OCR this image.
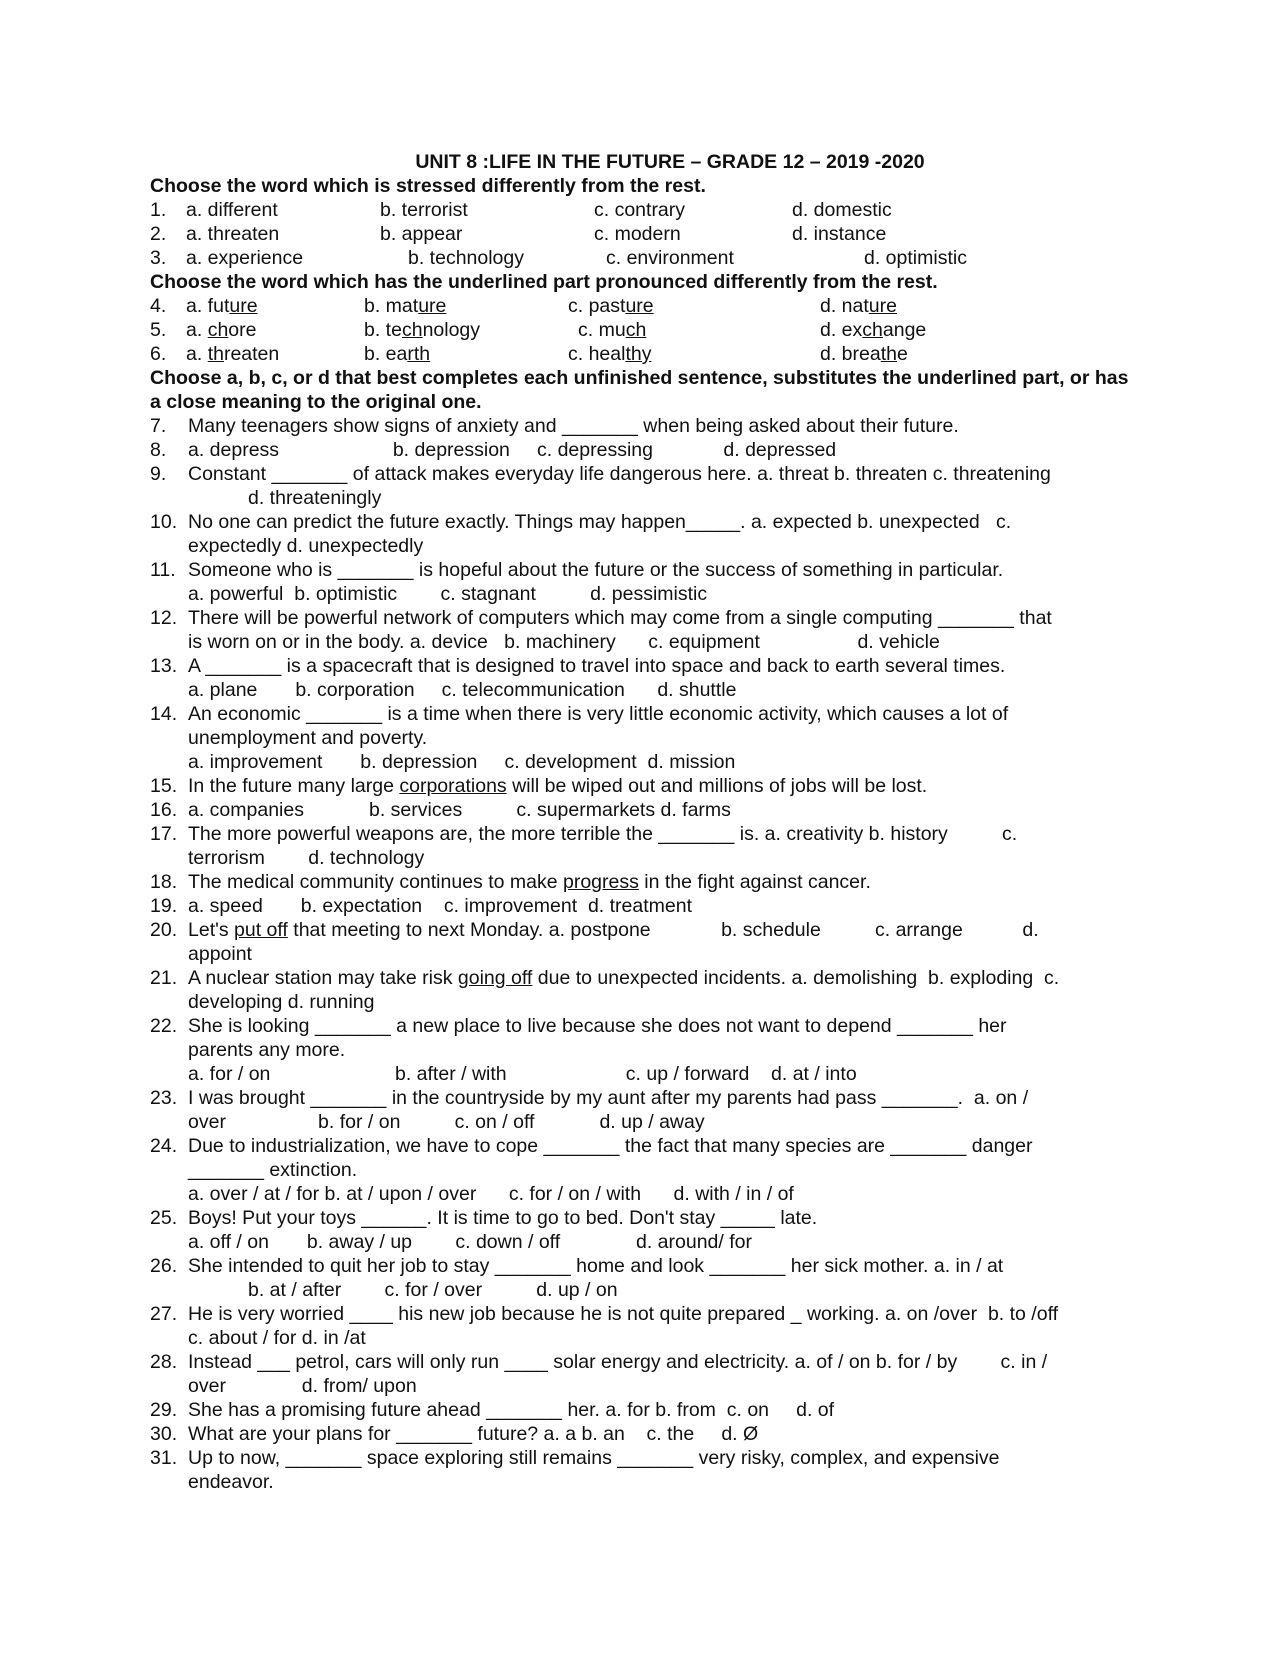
UNIT 8 :LIFE IN THE FUTURE – GRADE 12 – 2019 -2020
Choose the word which is stressed differently from the rest.
1. a. different	b. terrorist	c. contrary	d. domestic
2. a. threaten	b. appear	c. modern	d. instance
3. a. experience	b. technology	c. environment	d. optimistic
Choose the word which has the underlined part pronounced differently from the rest.
4. a. future	b. mature	c. pasture	d. nature
5. a. chore	b. technology	c. much	d. exchange
6. a. threaten	b. earth	c. healthy	d. breathe
Choose a, b, c, or d that best completes each unfinished sentence, substitutes the underlined part, or has a close meaning to the original one.
7. Many teenagers show signs of anxiety and _______ when being asked about their future.
8. a. depress                     b. depression     c. depressing             d. depressed
9. Constant _______ of attack makes everyday life dangerous here. a. threat b. threaten c. threatening
d. threateningly
10. No one can predict the future exactly. Things may happen_____. a. expected b. unexpected   c.
expectedly d. unexpectedly
11. Someone who is _______ is hopeful about the future or the success of something in particular.
a. powerful  b. optimistic        c. stagnant          d. pessimistic
12. There will be powerful network of computers which may come from a single computing _______ that
is worn on or in the body. a. device   b. machinery      c. equipment                  d. vehicle
13. A _______ is a spacecraft that is designed to travel into space and back to earth several times.
a. plane       b. corporation     c. telecommunication      d. shuttle
14. An economic _______ is a time when there is very little economic activity, which causes a lot of
unemployment and poverty.
a. improvement       b. depression     c. development  d. mission
15. In the future many large corporations will be wiped out and millions of jobs will be lost.
16. a. companies            b. services          c. supermarkets d. farms
17. The more powerful weapons are, the more terrible the _______ is. a. creativity b. history          c.
terrorism        d. technology
18. The medical community continues to make progress in the fight against cancer.
19. a. speed       b. expectation    c. improvement  d. treatment
20. Let's put off that meeting to next Monday. a. postpone             b. schedule          c. arrange           d.
appoint
21. A nuclear station may take risk going off due to unexpected incidents. a. demolishing  b. exploding  c.
developing d. running
22. She is looking _______ a new place to live because she does not want to depend _______ her
parents any more.
a. for / on                       b. after / with                      c. up / forward    d. at / into
23. I was brought _______ in the countryside by my aunt after my parents had pass _______.  a. on /
over                 b. for / on          c. on / off            d. up / away
24. Due to industrialization, we have to cope _______ the fact that many species are _______ danger
_______ extinction.
a. over / at / for b. at / upon / over      c. for / on / with      d. with / in / of
25. Boys! Put your toys ______. It is time to go to bed. Don't stay _____ late.
a. off / on       b. away / up        c. down / off              d. around/ for
26. She intended to quit her job to stay _______ home and look _______ her sick mother. a. in / at
b. at / after        c. for / over          d. up / on
27. He is very worried ____ his new job because he is not quite prepared _ working. a. on /over  b. to /off
c. about / for d. in /at
28. Instead ___ petrol, cars will only run ____ solar energy and electricity. a. of / on b. for / by        c. in /
over              d. from/ upon
29. She has a promising future ahead _______ her. a. for b. from  c. on     d. of
30. What are your plans for _______ future? a. a b. an    c. the     d. Ø
31. Up to now, _______ space exploring still remains _______ very risky, complex, and expensive
endeavor.
